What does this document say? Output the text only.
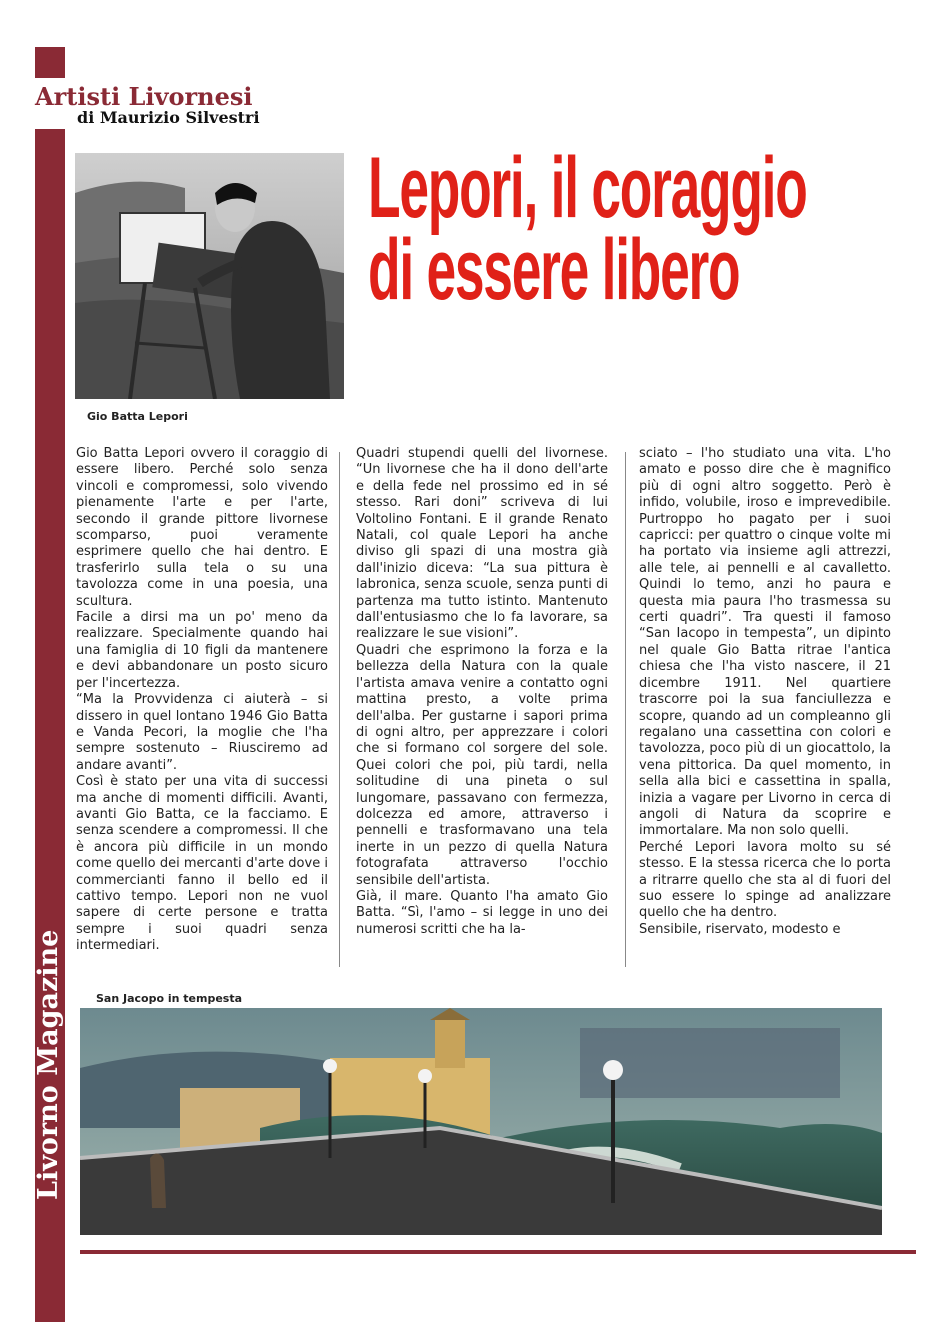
Livorno Magazine
Artisti Livornesi
di Maurizio Silvestri
Gio Batta Lepori
Lepori, il coraggio
di essere libero

Gio Batta Lepori ovvero il coraggio di essere libero. Perché solo senza vincoli e compromessi, solo vivendo pienamente l'arte e per l'arte, secondo il grande pittore livornese scomparso, puoi veramente esprimere quello che hai dentro. E trasferirlo sulla tela o su una tavolozza come in una poesia, una scultura.

Facile a dirsi ma un po' meno da realizzare. Specialmente quando hai una famiglia di 10 figli da mantenere e devi abbandonare un posto sicuro per l'incertezza.

“Ma la Provvidenza ci aiuterà – si dissero in quel lontano 1946 Gio Batta e Vanda Pecori, la moglie che l'ha sempre sostenuto – Riusciremo ad andare avanti”.

Così è stato per una vita di successi ma anche di momenti difficili. Avanti, avanti Gio Batta, ce la facciamo. E senza scendere a compromessi. Il che è ancora più difficile in un mondo come quello dei mercanti d'arte dove i commercianti fanno il bello ed il cattivo tempo. Lepori non ne vuol sapere di certe persone e tratta sempre i suoi quadri senza intermediari.

Quadri stupendi quelli del livornese. “Un livornese che ha il dono dell'arte e della fede nel prossimo ed in sé stesso. Rari doni” scriveva di lui Voltolino Fontani. E il grande Renato Natali, col quale Lepori ha anche diviso gli spazi di una mostra già dall'inizio diceva: “La sua pittura è labronica, senza scuole, senza punti di partenza ma tutto istinto. Mantenuto dall'entusiasmo che lo fa lavorare, sa realizzare le sue visioni”.

Quadri che esprimono la forza e la bellezza della Natura con la quale l'artista amava venire a contatto ogni mattina presto, a volte prima dell'alba. Per gustarne i sapori prima di ogni altro, per apprezzare i colori che si formano col sorgere del sole. Quei colori che poi, più tardi, nella solitudine di una pineta o sul lungomare, passavano con fermezza, dolcezza ed amore, attraverso i pennelli e trasformavano una tela inerte in un pezzo di quella Natura fotografata attraverso l'occhio sensibile dell'artista.

Già, il mare. Quanto l'ha amato Gio Batta. “Sì, l'amo – si legge in uno dei numerosi scritti che ha la-

sciato – l'ho studiato una vita. L'ho amato e posso dire che è magnifico più di ogni altro soggetto. Però è infido, volubile, iroso e imprevedibile. Purtroppo ho pagato per i suoi capricci: per quattro o cinque volte mi ha portato via insieme agli attrezzi, alle tele, ai pennelli e al cavalletto. Quindi lo temo, anzi ho paura e questa mia paura l'ho trasmessa su certi quadri”. Tra questi il famoso “San Iacopo in tempesta”, un dipinto nel quale Gio Batta ritrae l'antica chiesa che l'ha visto nascere, il 21 dicembre 1911. Nel quartiere trascorre poi la sua fanciullezza e scopre, quando ad un compleanno gli regalano una cassettina con colori e tavolozza, poco più di un giocattolo, la vena pittorica. Da quel momento, in sella alla bici e cassettina in spalla, inizia a vagare per Livorno in cerca di angoli di Natura da scoprire e immortalare. Ma non solo quelli.

Perché Lepori lavora molto su sé stesso. E la stessa ricerca che lo porta a ritrarre quello che sta al di fuori del suo essere lo spinge ad analizzare quello che ha dentro.

Sensibile, riservato, modesto e

San Jacopo in tempesta
